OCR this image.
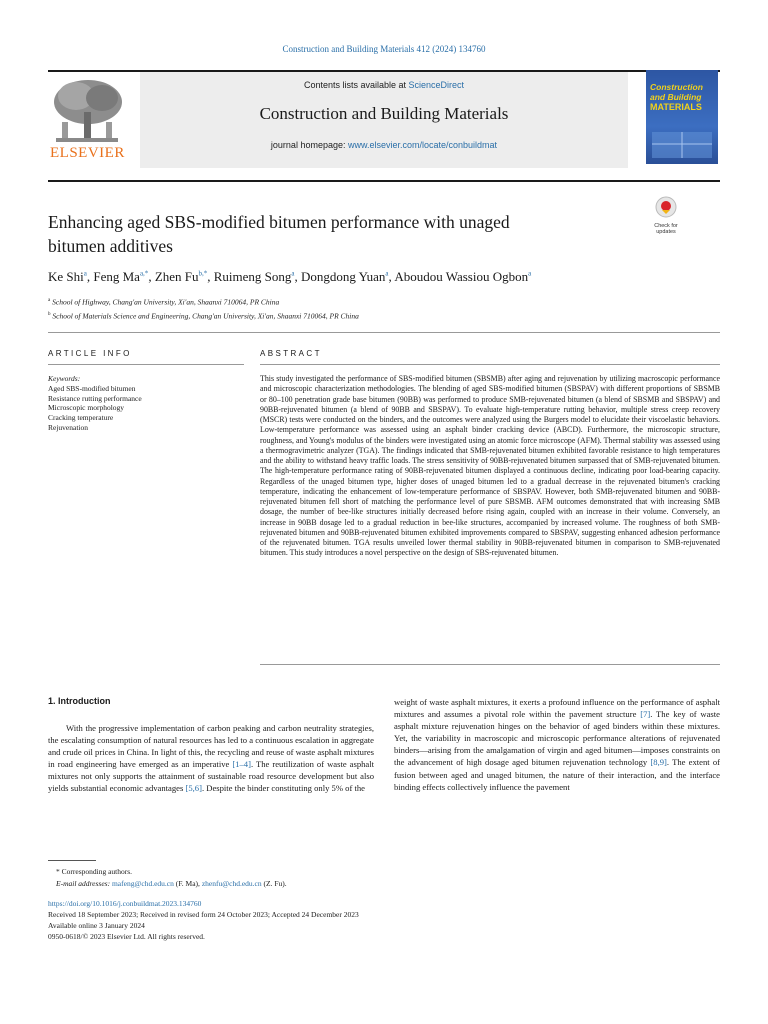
Construction and Building Materials 412 (2024) 134760
ELSEVIER
Contents lists available at ScienceDirect
Construction and Building Materials
journal homepage: www.elsevier.com/locate/conbuildmat
Construction
and Building
MATERIALS
Enhancing aged SBS-modified bitumen performance with unaged
bitumen additives
Check for
updates
Ke Shi$^a$, Feng $Ma^{a,*}$, Zhen $Fu^{b,*}$, Ruimeng Song$^a$, Dongdong Yuan$^a$, Aboudou Wassiou Ogbon$^a$
$^a$ School of Highway, Chang'an University, Xi'an, Shaanxi 710064, PR China
$^b$ School of Materials Science and Engineering, Chang'an University, Xi'an, Shaanxi 710064, PR China
ARTICLE INFO	ABSTRACT
Keywords:
Aged SBS-modified bitumen
Resistance rutting performance
Microscopic morphology
Cracking temperature
Rejuvenation
This study investigated the performance of SBS-modified bitumen (SBSMB) after aging and rejuvenation by utilizing macroscopic performance and microscopic characterization methodologies. The blending of aged SBS-modified bitumen (SBSPAV) with different proportions of SBSMB or 80–100 penetration grade base bitumen (90BB) was performed to produce SMB-rejuvenated bitumen (a blend of SBSMB and SBSPAV) and 90BB-rejuvenated bitumen (a blend of 90BB and SBSPAV). To evaluate high-temperature rutting behavior, multiple stress creep recovery (MSCR) tests were conducted on the binders, and the outcomes were analyzed using the Burgers model to elucidate their viscoelastic behaviors. Low-temperature performance was assessed using an asphalt binder cracking device (ABCD). Furthermore, the microscopic structure, roughness, and Young's modulus of the binders were investigated using an atomic force microscope (AFM). Thermal stability was assessed using a thermogravimetric analyzer (TGA). The findings indicated that SMB-rejuvenated bitumen exhibited favorable resistance to high temperatures and the ability to withstand heavy traffic loads. The stress sensitivity of 90BB-rejuvenated bitumen surpassed that of SMB-rejuvenated bitumen. The high-temperature performance rating of 90BB-rejuvenated bitumen displayed a continuous decline, indicating poor load-bearing capacity. Regardless of the unaged bitumen type, higher doses of unaged bitumen led to a gradual decrease in the rejuvenated bitumen's cracking temperature, indicating the enhancement of low-temperature performance of SBSPAV. However, both SMB-rejuvenated bitumen and 90BB-rejuvenated bitumen fell short of matching the performance level of pure SBSMB. AFM outcomes demonstrated that with increasing SMB dosage, the number of bee-like structures initially decreased before rising again, coupled with an increase in their volume. Conversely, an increase in 90BB dosage led to a gradual reduction in bee-like structures, accompanied by increased volume. The roughness of both SMB-rejuvenated bitumen and 90BB-rejuvenated bitumen exhibited improvements compared to SBSPAV, suggesting enhanced adhesion performance of the rejuvenated bitumen. TGA results unveiled lower thermal stability in 90BB-rejuvenated bitumen in comparison to SMB-rejuvenated bitumen. This study introduces a novel perspective on the design of SBS-rejuvenated bitumen.
1. Introduction

With the progressive implementation of carbon peaking and carbon neutrality strategies, the escalating consumption of natural resources has led to a continuous escalation in aggregate and crude oil prices in China. In light of this, the recycling and reuse of waste asphalt mixtures in road engineering have emerged as an imperative [1–4]. The reutilization of waste asphalt mixtures not only supports the attainment of sustainable road resource development but also yields substantial economic advantages [5,6]. Despite the binder constituting only 5% of the

weight of waste asphalt mixtures, it exerts a profound influence on the performance of asphalt mixtures and assumes a pivotal role within the pavement structure [7]. The key of waste asphalt mixture rejuvenation hinges on the behavior of aged binders within these mixtures. Yet, the variability in macroscopic and microscopic performance alterations of rejuvenated binders—arising from the amalgamation of virgin and aged bitumen—imposes constraints on the advancement of high dosage aged bitumen rejuvenation technology [8,9]. The extent of fusion between aged and unaged bitumen, the nature of their interaction, and the interface binding effects collectively influence the pavement

* Corresponding authors.
E-mail addresses: mafeng@chd.edu.cn (F. Ma), zhenfu@chd.edu.cn (Z. Fu).
https://doi.org/10.1016/j.conbuildmat.2023.134760
Received 18 September 2023; Received in revised form 24 October 2023; Accepted 24 December 2023
Available online 3 January 2024
0950-0618/© 2023 Elsevier Ltd. All rights reserved.
